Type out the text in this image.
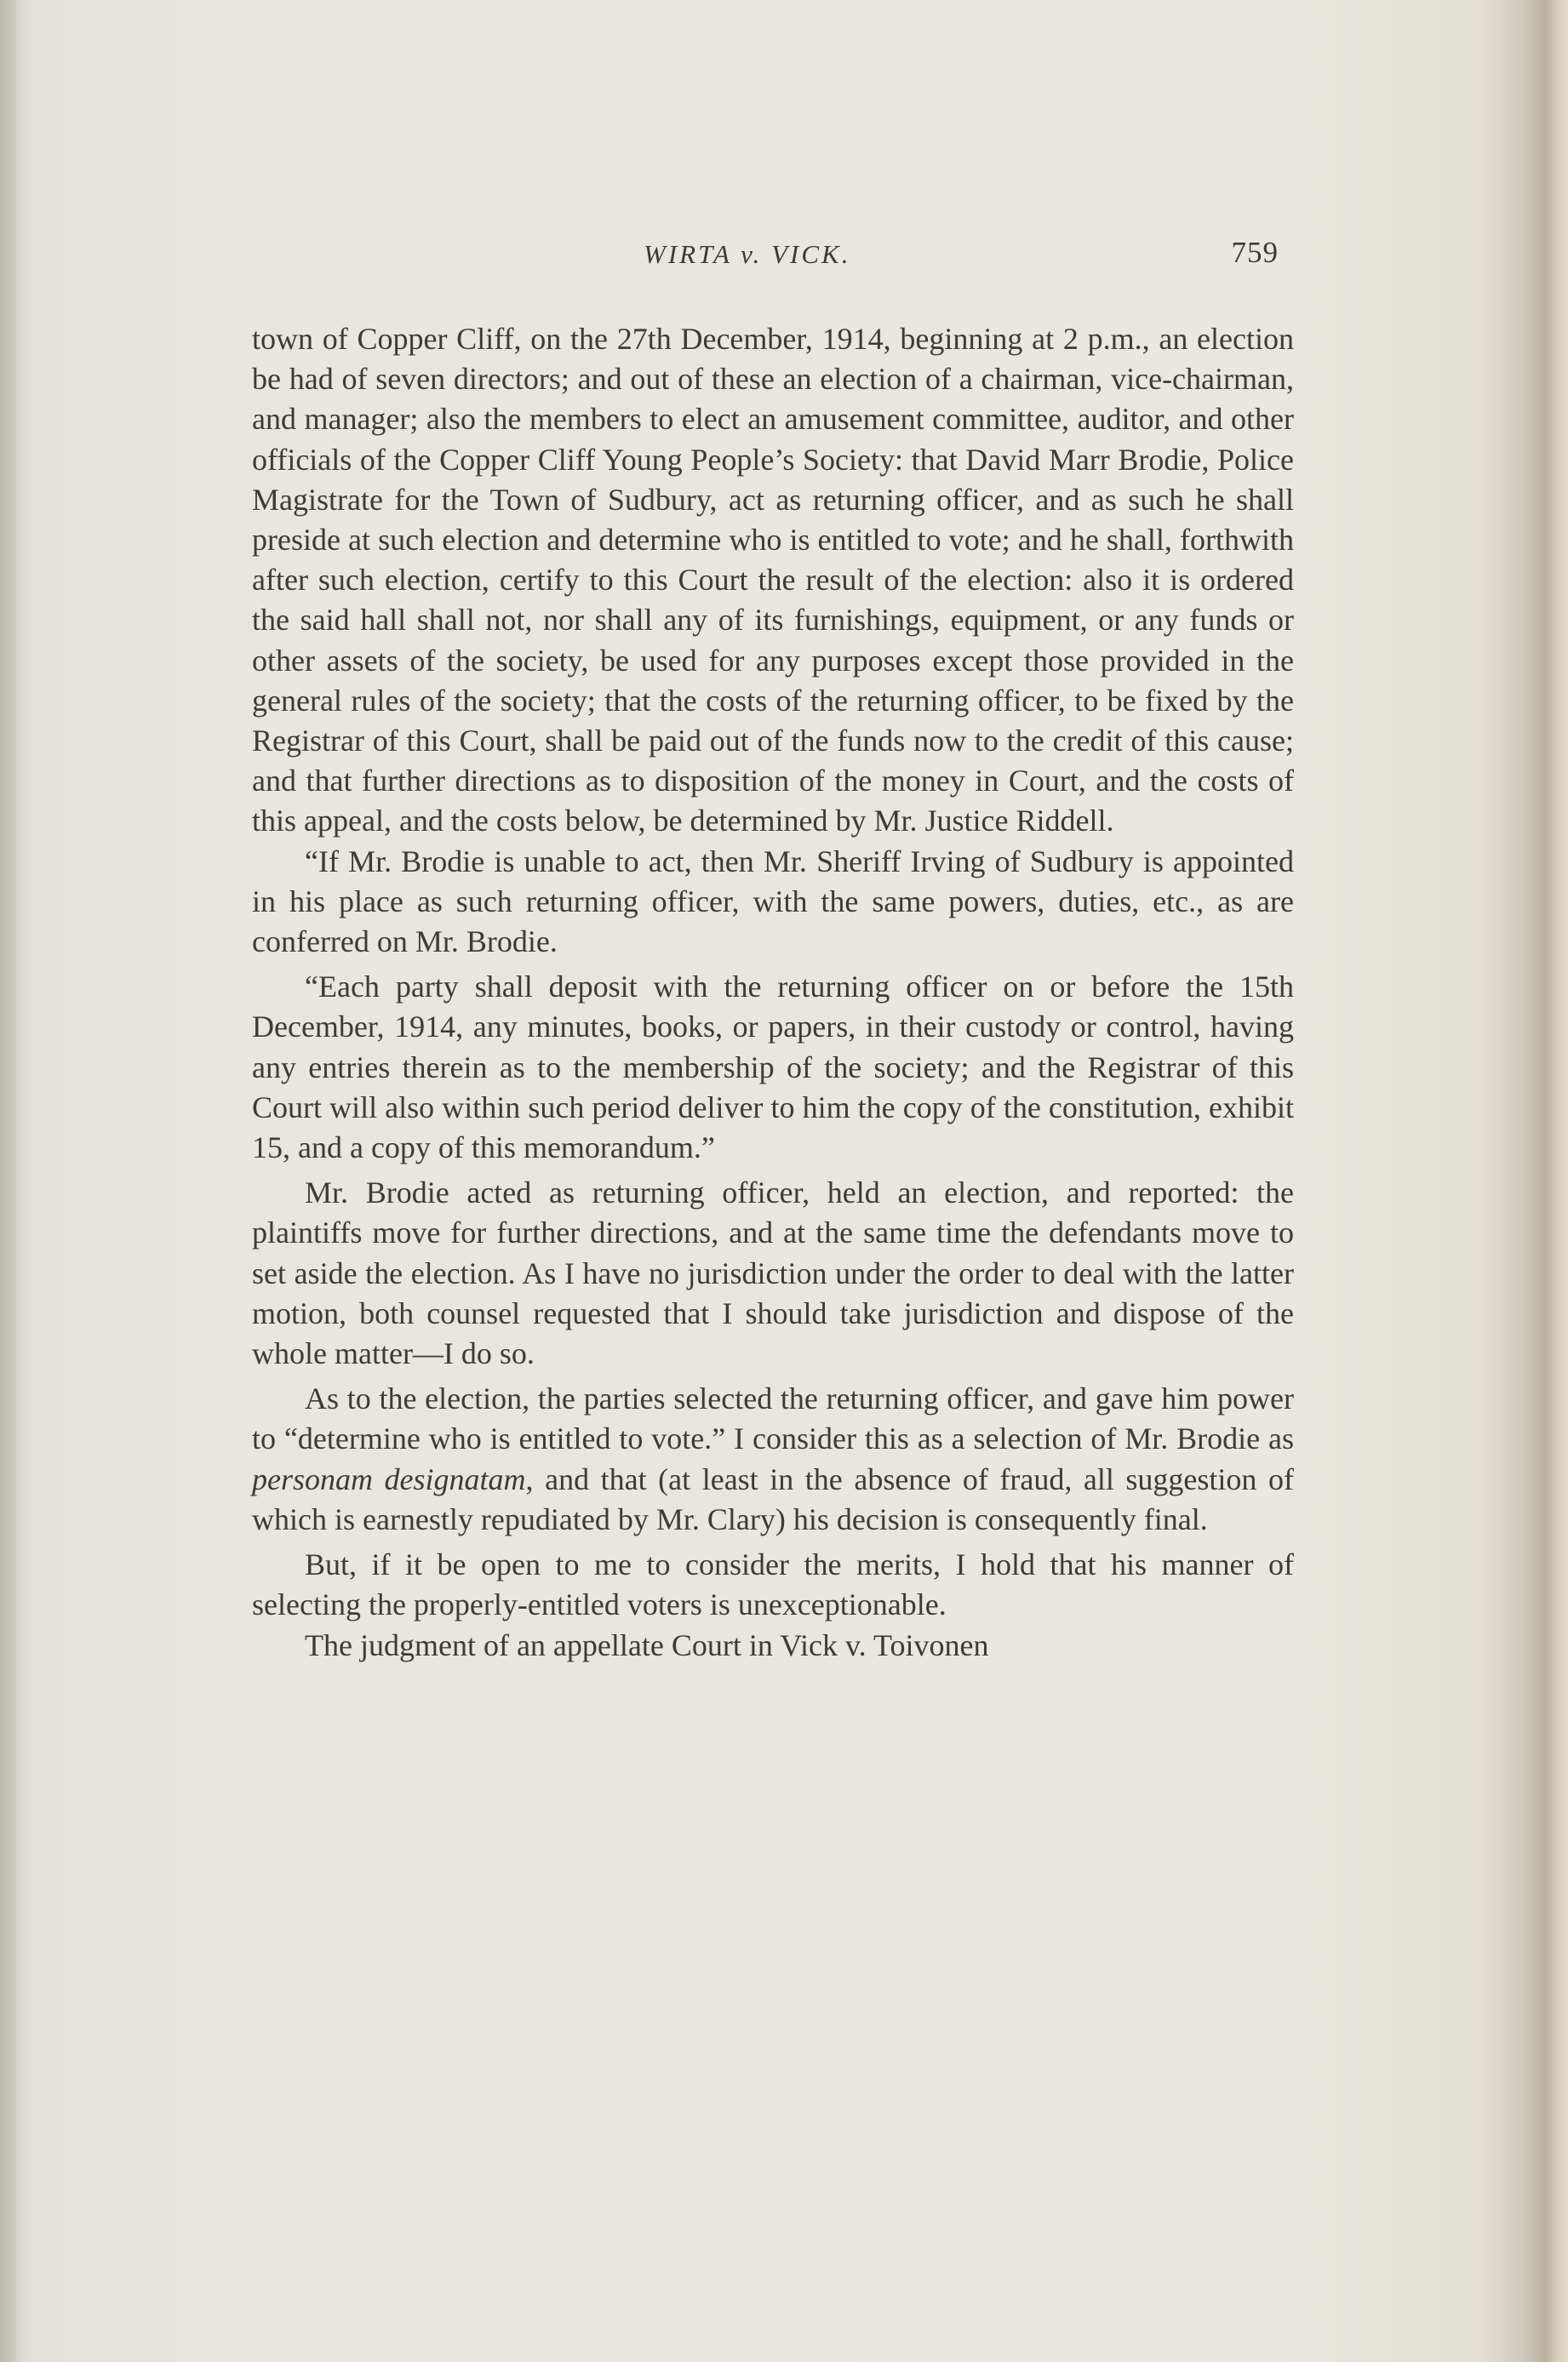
WIRTA v. VICK.	759

town of Copper Cliff, on the 27th December, 1914, beginning at 2 p.m., an election be had of seven directors; and out of these an election of a chairman, vice-chairman, and manager; also the members to elect an amusement committee, auditor, and other officials of the Copper Cliff Young People’s Society: that David Marr Brodie, Police Magistrate for the Town of Sudbury, act as returning officer, and as such he shall preside at such election and determine who is entitled to vote; and he shall, forthwith after such election, certify to this Court the result of the election: also it is ordered the said hall shall not, nor shall any of its furnishings, equipment, or any funds or other assets of the society, be used for any purposes except those provided in the general rules of the society; that the costs of the returning officer, to be fixed by the Registrar of this Court, shall be paid out of the funds now to the credit of this cause; and that further directions as to disposition of the money in Court, and the costs of this appeal, and the costs below, be determined by Mr. Justice Riddell.

“If Mr. Brodie is unable to act, then Mr. Sheriff Irving of Sudbury is appointed in his place as such returning officer, with the same powers, duties, etc., as are conferred on Mr. Brodie.

“Each party shall deposit with the returning officer on or before the 15th December, 1914, any minutes, books, or papers, in their custody or control, having any entries therein as to the membership of the society; and the Registrar of this Court will also within such period deliver to him the copy of the constitution, exhibit 15, and a copy of this memorandum.”

Mr. Brodie acted as returning officer, held an election, and reported: the plaintiffs move for further directions, and at the same time the defendants move to set aside the election. As I have no jurisdiction under the order to deal with the latter motion, both counsel requested that I should take jurisdiction and dispose of the whole matter—I do so.

As to the election, the parties selected the returning officer, and gave him power to “determine who is entitled to vote.” I consider this as a selection of Mr. Brodie as personam designatam, and that (at least in the absence of fraud, all suggestion of which is earnestly repudiated by Mr. Clary) his decision is consequently final.

But, if it be open to me to consider the merits, I hold that his manner of selecting the properly-entitled voters is unexceptionable.

The judgment of an appellate Court in Vick v. Toivonen
